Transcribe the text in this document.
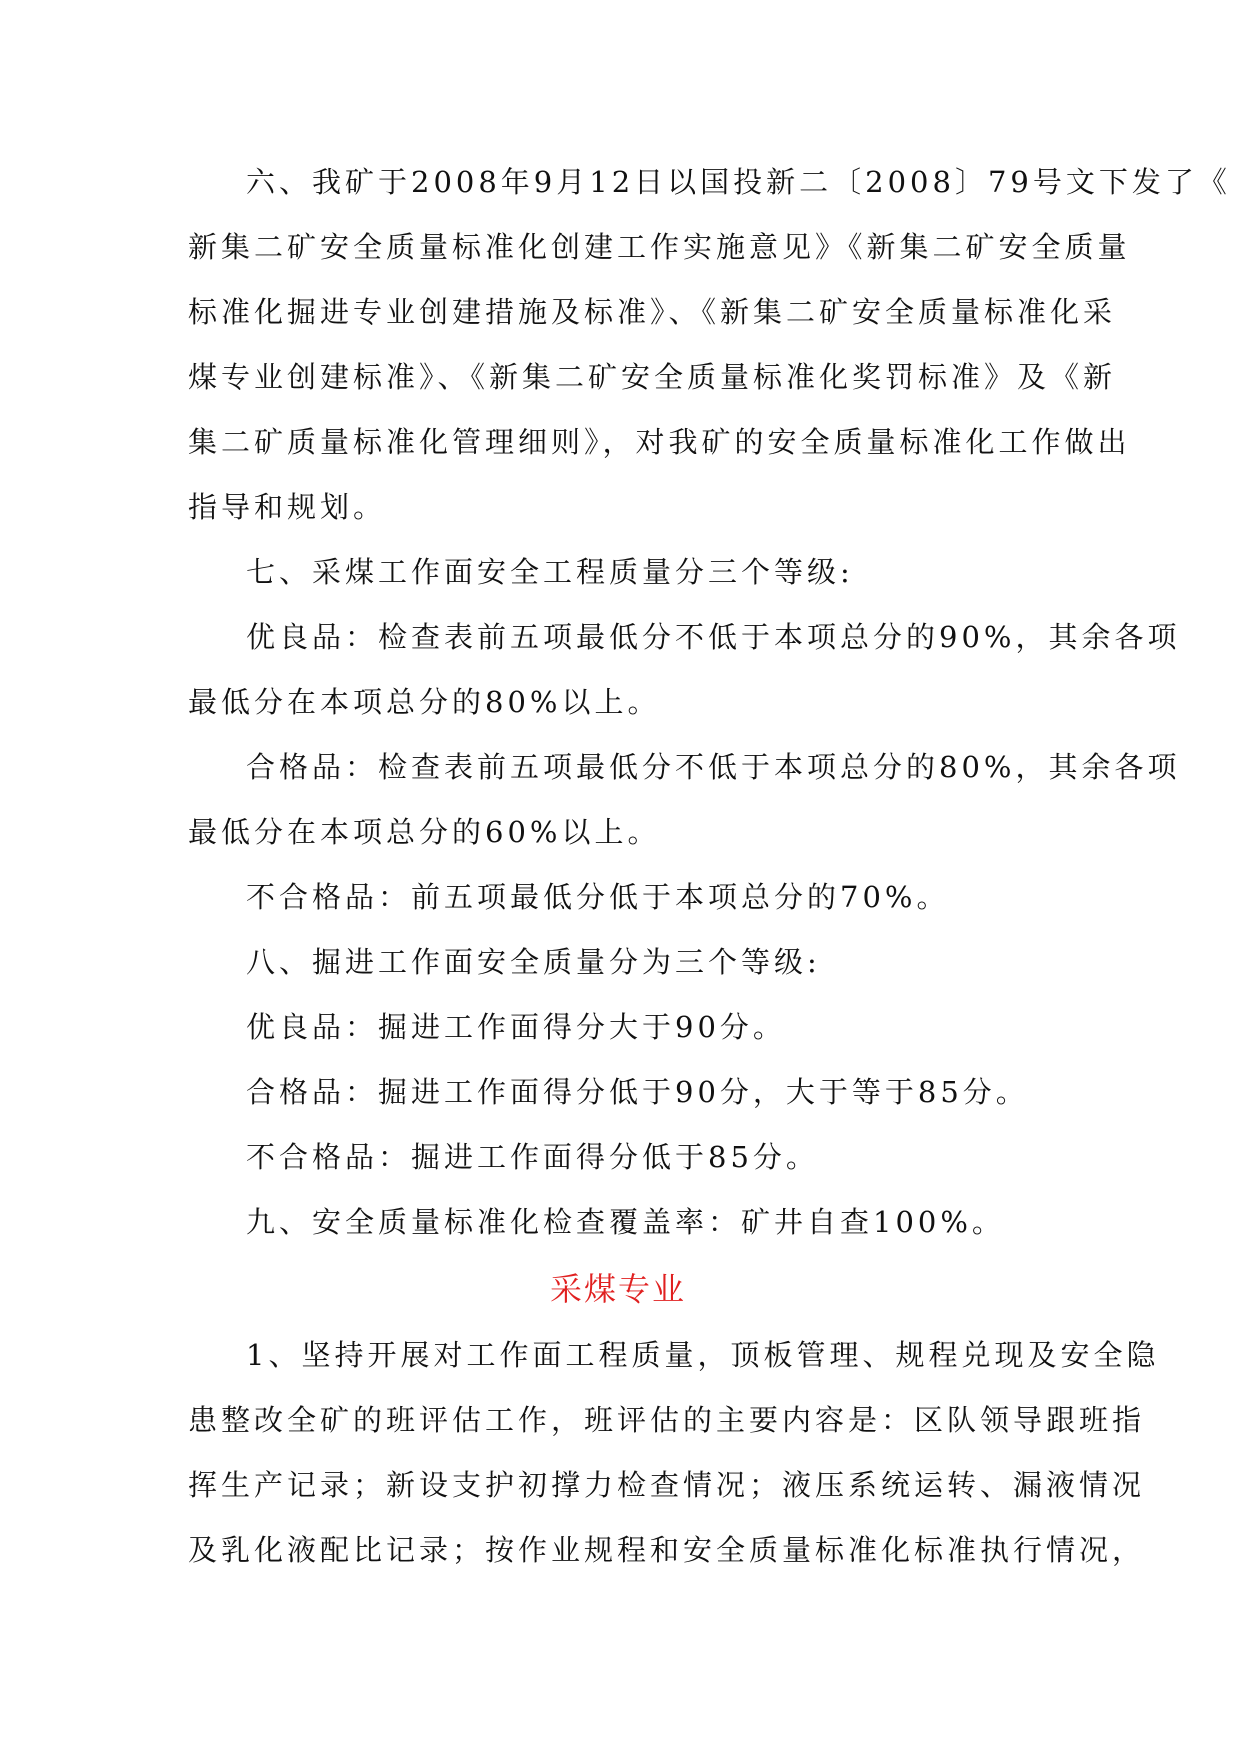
六、我矿于2008年9月12日以国投新二〔2008〕79号文下发了《
新集二矿安全质量标准化创建工作实施意见》《新集二矿安全质量
标准化掘进专业创建措施及标准》、《新集二矿安全质量标准化采
煤专业创建标准》、《新集二矿安全质量标准化奖罚标准》及《新
集二矿质量标准化管理细则》，对我矿的安全质量标准化工作做出
指导和规划。
七、采煤工作面安全工程质量分三个等级:
优良品：检查表前五项最低分不低于本项总分的90%，其余各项
最低分在本项总分的80%以上。
合格品：检查表前五项最低分不低于本项总分的80%，其余各项
最低分在本项总分的60%以上。
不合格品：前五项最低分低于本项总分的70%。
八、掘进工作面安全质量分为三个等级:
优良品：掘进工作面得分大于90分。
合格品：掘进工作面得分低于90分，大于等于85分。
不合格品：掘进工作面得分低于85分。
九、安全质量标准化检查覆盖率：矿井自查100%。
采煤专业
1、坚持开展对工作面工程质量，顶板管理、规程兑现及安全隐
患整改全矿的班评估工作，班评估的主要内容是：区队领导跟班指
挥生产记录；新设支护初撑力检查情况；液压系统运转、漏液情况
及乳化液配比记录；按作业规程和安全质量标准化标准执行情况，
